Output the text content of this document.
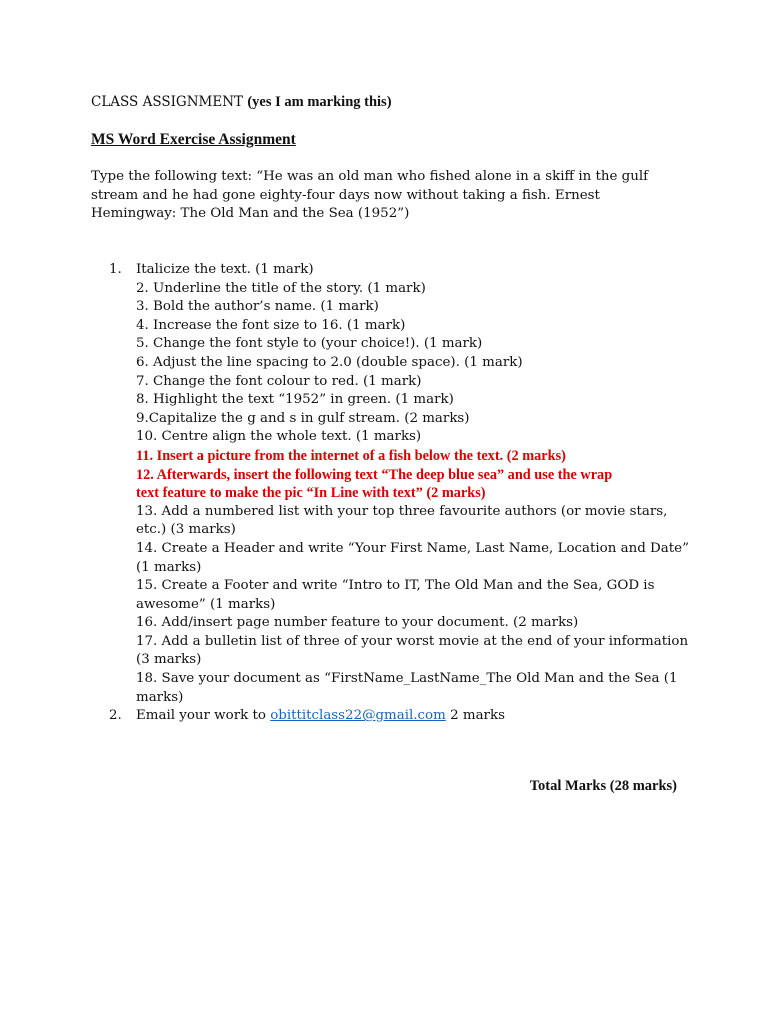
CLASS ASSIGNMENT (yes I am marking this)
MS Word Exercise Assignment
Type the following text: “He was an old man who fished alone in a skiff in the gulf stream and he had gone eighty-four days now without taking a fish. Ernest Hemingway: The Old Man and the Sea (1952”)
1. Italicize the text. (1 mark)
2. Underline the title of the story. (1 mark)
3. Bold the author’s name. (1 mark)
4. Increase the font size to 16. (1 mark)
5. Change the font style to (your choice!). (1 mark)
6. Adjust the line spacing to 2.0 (double space). (1 mark)
7. Change the font colour to red. (1 mark)
8. Highlight the text “1952” in green. (1 mark)
9.Capitalize the g and s in gulf stream. (2 marks)
10. Centre align the whole text. (1 marks)
11. Insert a picture from the internet of a fish below the text. (2 marks)
12. Afterwards, insert the following text “The deep blue sea” and use the wrap
text feature to make the pic “In Line with text” (2 marks)
13. Add a numbered list with your top three favourite authors (or movie stars, etc.) (3 marks)
14. Create a Header and write “Your First Name, Last Name, Location and Date” (1 marks)
15. Create a Footer and write “Intro to IT, The Old Man and the Sea, GOD is awesome” (1 marks)
16. Add/insert page number feature to your document. (2 marks)
17. Add a bulletin list of three of your worst movie at the end of your information (3 marks)
18. Save your document as “FirstName_LastName_The Old Man and the Sea (1 marks)
2. Email your work to obittitclass22@gmail.com 2 marks
Total Marks (28 marks)
